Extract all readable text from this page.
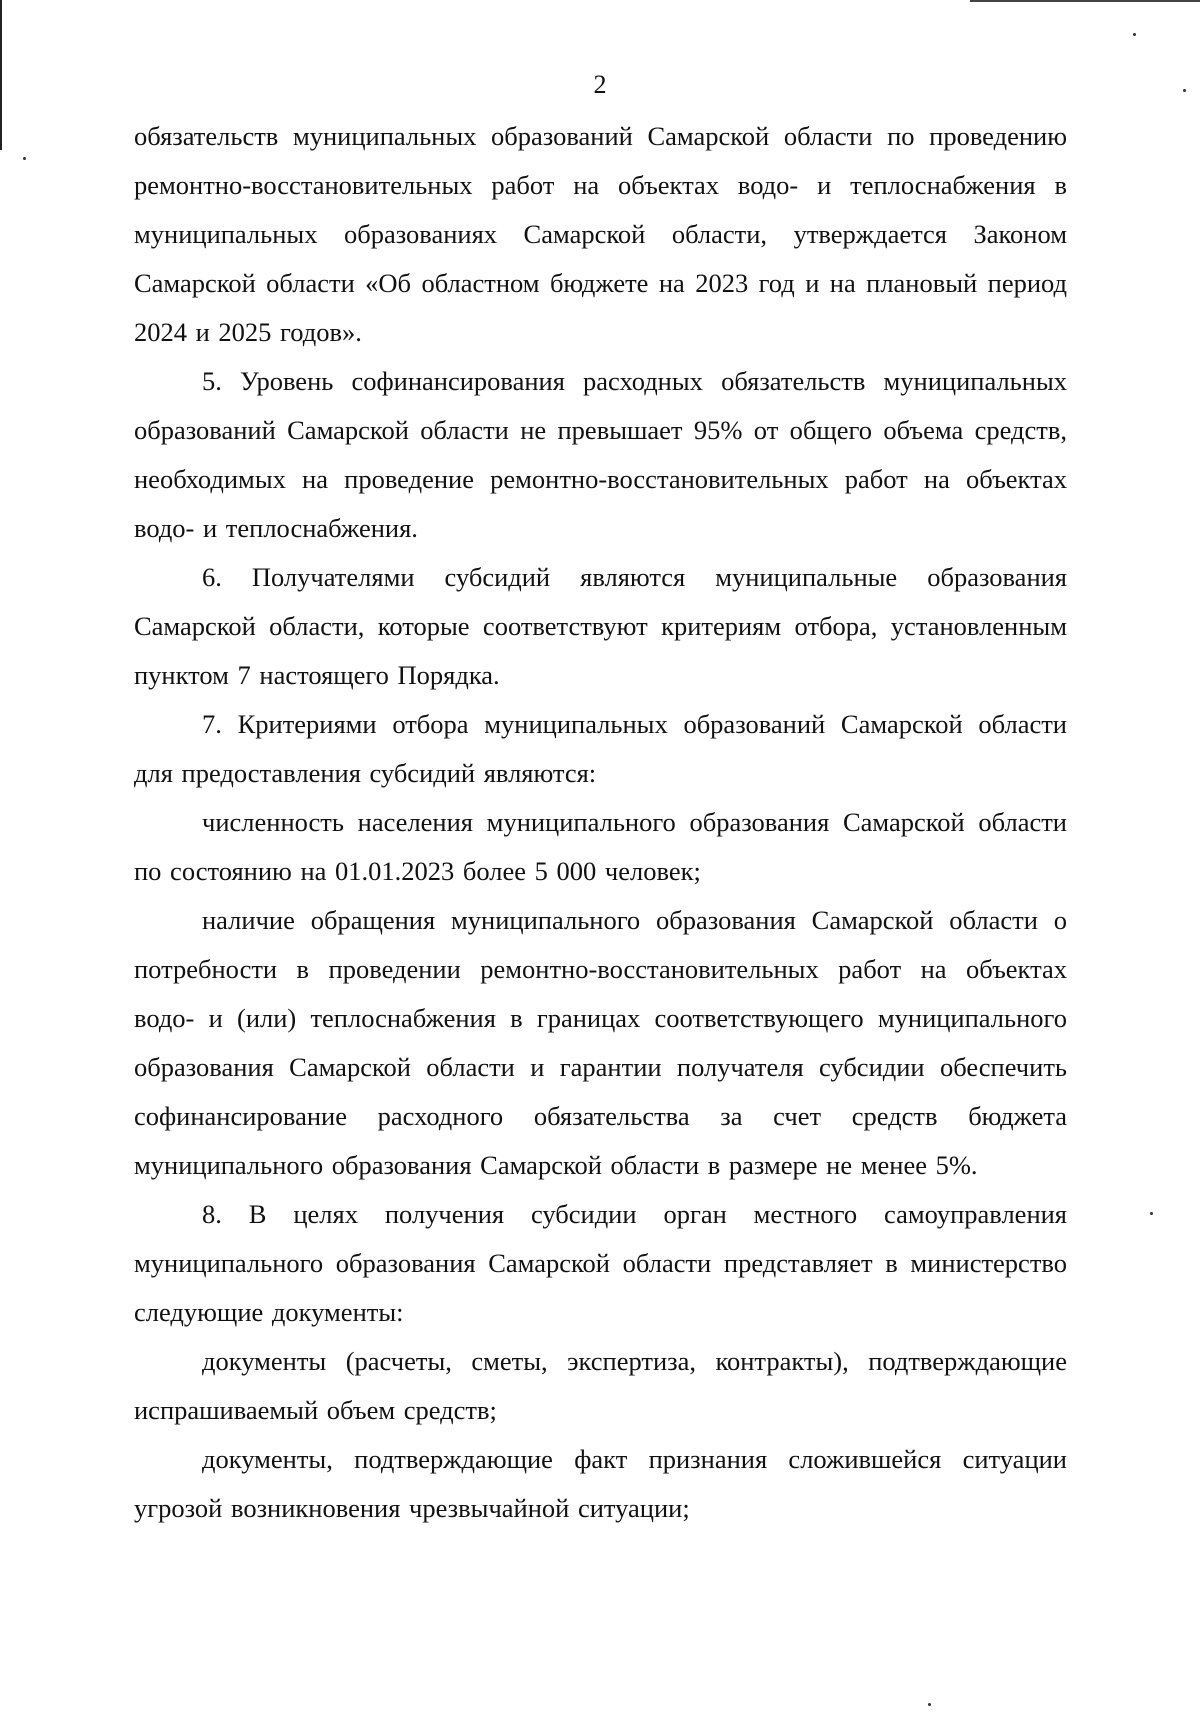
2

обязательств муниципальных образований Самарской области по проведению ремонтно-восстановительных работ на объектах водо- и теплоснабжения в муниципальных образованиях Самарской области, утверждается Законом Самарской области «Об областном бюджете на 2023 год и на плановый период 2024 и 2025 годов».

5. Уровень софинансирования расходных обязательств муниципальных образований Самарской области не превышает 95% от общего объема средств, необходимых на проведение ремонтно-восстановительных работ на объектах водо- и теплоснабжения.

6. Получателями субсидий являются муниципальные образования Самарской области, которые соответствуют критериям отбора, установленным пунктом 7 настоящего Порядка.

7. Критериями отбора муниципальных образований Самарской области для предоставления субсидий являются:

численность населения муниципального образования Самарской области по состоянию на 01.01.2023 более 5 000 человек;

наличие обращения муниципального образования Самарской области о потребности в проведении ремонтно-восстановительных работ на объектах водо- и (или) теплоснабжения в границах соответствующего муниципального образования Самарской области и гарантии получателя субсидии обеспечить софинансирование расходного обязательства за счет средств бюджета муниципального образования Самарской области в размере не менее 5%.

8. В целях получения субсидии орган местного самоуправления муниципального образования Самарской области представляет в министерство следующие документы:

документы (расчеты, сметы, экспертиза, контракты), подтверждающие испрашиваемый объем средств;

документы, подтверждающие факт признания сложившейся ситуации угрозой возникновения чрезвычайной ситуации;
